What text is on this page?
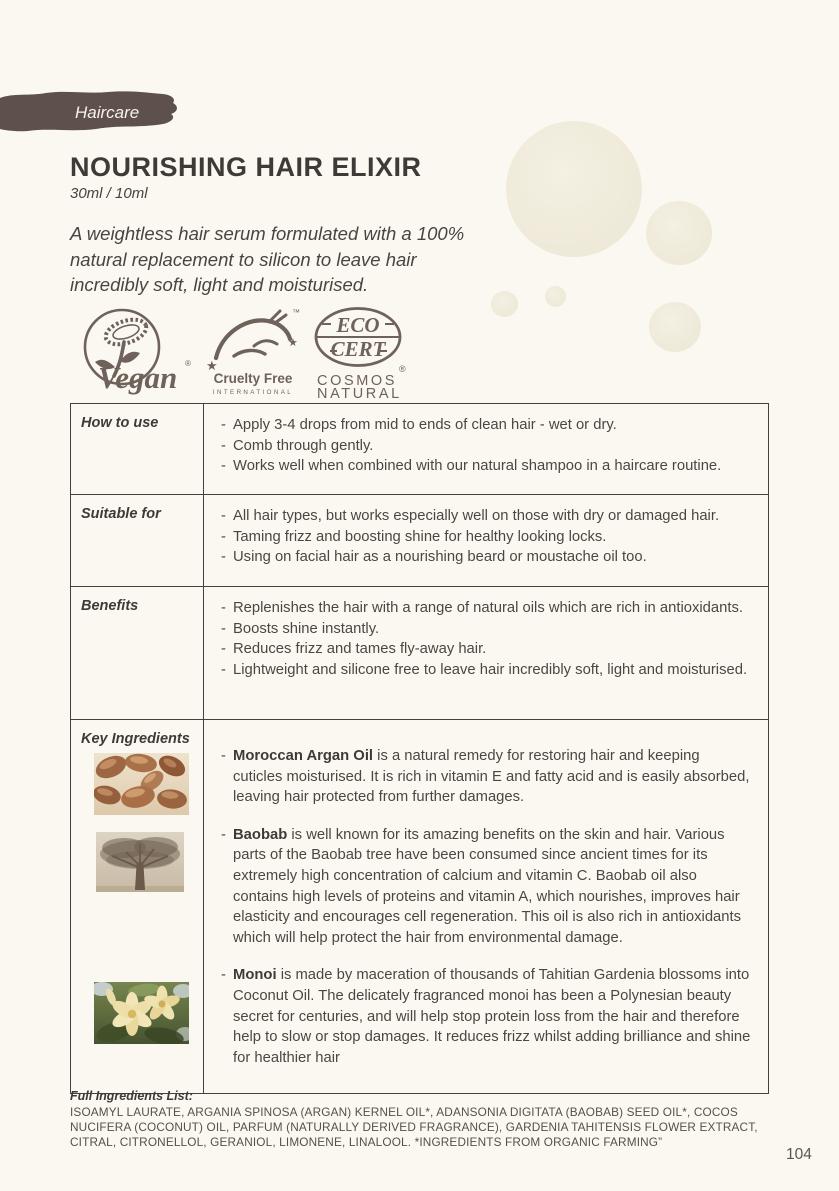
Haircare
NOURISHING HAIR ELIXIR
30ml / 10ml

A weightless hair serum formulated with a 100% natural replacement to silicon to leave hair incredibly soft, light and moisturised.

Vegan ®
™
★
★
Cruelty Free
INTERNATIONAL
ECO
CERT
®
COSMOS
NATURAL
How to use	- Apply 3-4 drops from mid to ends of clean hair - wet or dry.
- Comb through gently.
- Works well when combined with our natural shampoo in a haircare routine.
Suitable for	- All hair types, but works especially well on those with dry or damaged hair.
- Taming frizz and boosting shine for healthy looking locks.
- Using on facial hair as a nourishing beard or moustache oil too.
Benefits	- Replenishes the hair with a range of natural oils which are rich in antioxidants.
- Boosts shine instantly.
- Reduces frizz and tames fly-away hair.
- Lightweight and silicone free to leave hair incredibly soft, light and moisturised.
Key Ingredients
- Moroccan Argan Oil is a natural remedy for restoring hair and keeping cuticles moisturised. It is rich in vitamin E and fatty acid and is easily absorbed, leaving hair protected from further damages.
- Baobab is well known for its amazing benefits on the skin and hair. Various parts of the Baobab tree have been consumed since ancient times for its extremely high concentration of calcium and vitamin C. Baobab oil also contains high levels of proteins and vitamin A, which nourishes, improves hair elasticity and encourages cell regeneration. This oil is also rich in antioxidants which will help protect the hair from environmental damage.
- Monoi is made by maceration of thousands of Tahitian Gardenia blossoms into Coconut Oil. The delicately fragranced monoi has been a Polynesian beauty secret for centuries, and will help stop protein loss from the hair and therefore help to slow or stop damages. It reduces frizz whilst adding brilliance and shine for healthier hair
Full Ingredients List:
ISOAMYL LAURATE, ARGANIA SPINOSA (ARGAN) KERNEL OIL*, ADANSONIA DIGITATA (BAOBAB) SEED OIL*, COCOS NUCIFERA (COCONUT) OIL, PARFUM (NATURALLY DERIVED FRAGRANCE), GARDENIA TAHITENSIS FLOWER EXTRACT, CITRAL, CITRONELLOL, GERANIOL, LIMONENE, LINALOOL. *INGREDIENTS FROM ORGANIC FARMING”
104
